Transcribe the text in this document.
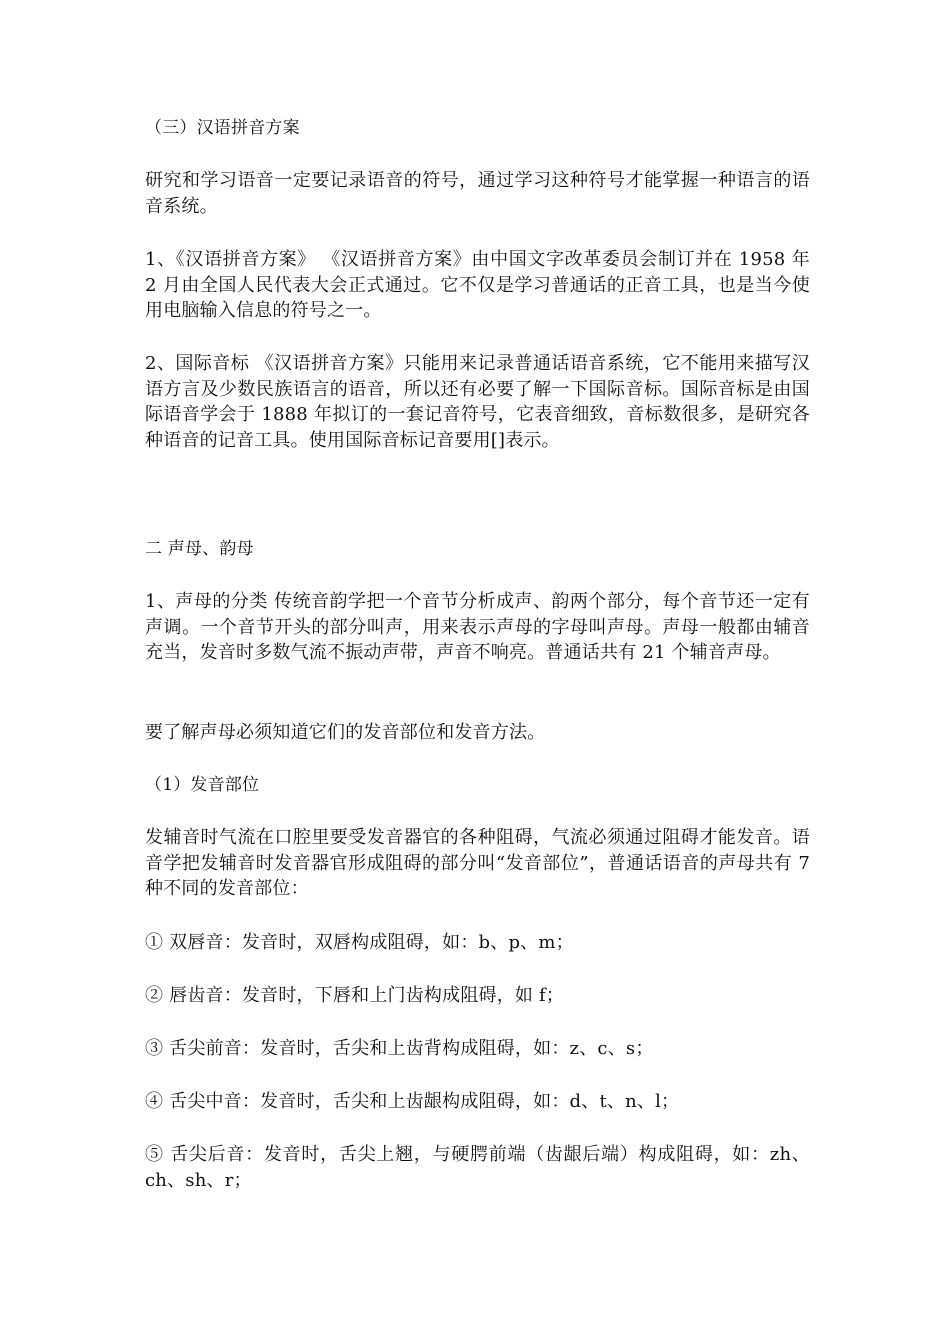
（三）汉语拼音方案

研究和学习语音一定要记录语音的符号，通过学习这种符号才能掌握一种语言的语音系统。

1、《汉语拼音方案》 《汉语拼音方案》由中国文字改革委员会制订并在 1958 年 2 月由全国人民代表大会正式通过。它不仅是学习普通话的正音工具，也是当今使用电脑输入信息的符号之一。

2、国际音标 《汉语拼音方案》只能用来记录普通话语音系统，它不能用来描写汉语方言及少数民族语言的语音，所以还有必要了解一下国际音标。国际音标是由国际语音学会于 1888 年拟订的一套记音符号，它表音细致，音标数很多，是研究各种语音的记音工具。使用国际音标记音要用[]表示。

二 声母、韵母

1、声母的分类 传统音韵学把一个音节分析成声、韵两个部分，每个音节还一定有声调。一个音节开头的部分叫声，用来表示声母的字母叫声母。声母一般都由辅音充当，发音时多数气流不振动声带，声音不响亮。普通话共有 21 个辅音声母。

要了解声母必须知道它们的发音部位和发音方法。

（1）发音部位

发辅音时气流在口腔里要受发音器官的各种阻碍，气流必须通过阻碍才能发音。语音学把发辅音时发音器官形成阻碍的部分叫“发音部位”，普通话语音的声母共有 7 种不同的发音部位：

① 双唇音：发音时，双唇构成阻碍，如：b、p、m；

② 唇齿音：发音时，下唇和上门齿构成阻碍，如 f；

③ 舌尖前音：发音时，舌尖和上齿背构成阻碍，如：z、c、s；

④ 舌尖中音：发音时，舌尖和上齿龈构成阻碍，如：d、t、n、l；

⑤ 舌尖后音：发音时，舌尖上翘，与硬腭前端（齿龈后端）构成阻碍，如：zh、ch、sh、r；
